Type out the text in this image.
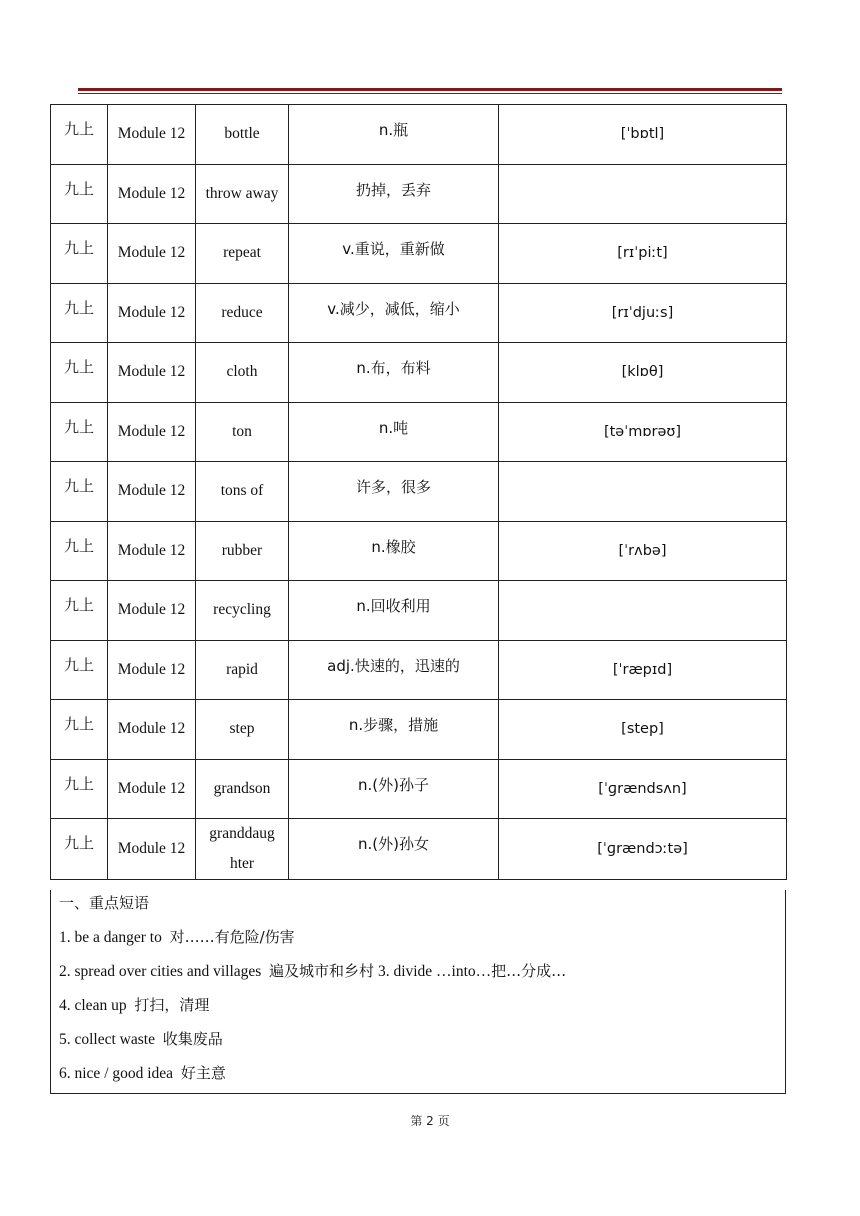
九上	Module 12	bottle	n.瓶	[ˈbɒtl]
九上	Module 12	throw away	扔掉，丢弃	
九上	Module 12	repeat	v.重说，重新做	[rɪˈpiːt]
九上	Module 12	reduce	v.减少，减低，缩小	[rɪˈdjuːs]
九上	Module 12	cloth	n.布，布料	[klɒθ]
九上	Module 12	ton	n.吨	[təˈmɒrəʊ]
九上	Module 12	tons of	许多，很多	
九上	Module 12	rubber	n.橡胶	[ˈrʌbə]
九上	Module 12	recycling	n.回收利用	
九上	Module 12	rapid	adj.快速的，迅速的	[ˈræpɪd]
九上	Module 12	step	n.步骤，措施	[step]
九上	Module 12	grandson	n.(外)孙子	[ˈɡrændsʌn]
九上	Module 12	granddaug hter	n.(外)孙女	[ˈɡrændɔːtə]
一、重点短语
1. be a danger to 对……有危险/伤害
2. spread over cities and villages 遍及城市和乡村 3. divide …into…把…分成…
4. clean up 打扫，清理
5. collect waste 收集废品
6. nice / good idea 好主意
第 2 页
